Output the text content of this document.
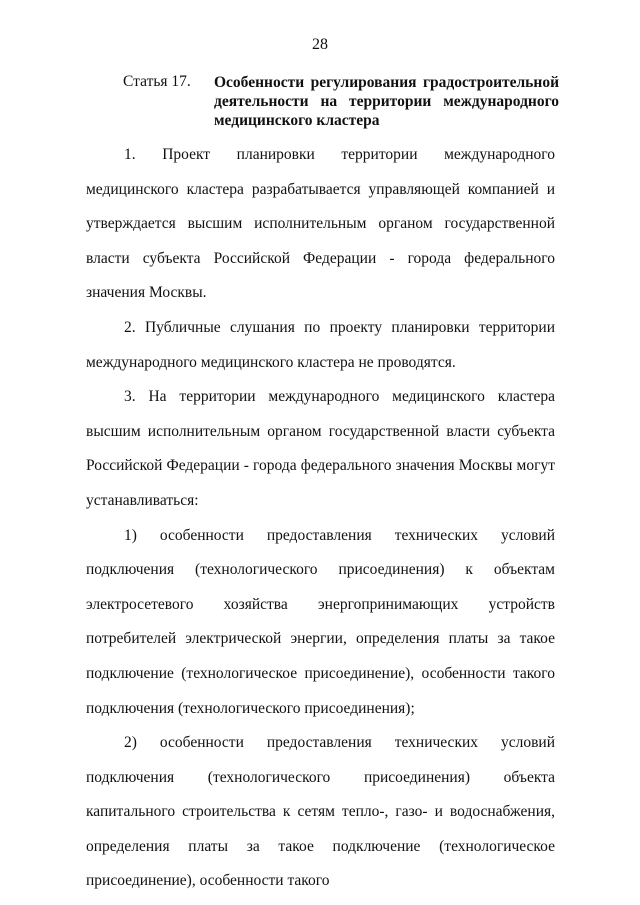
28
Статья 17. Особенности регулирования градостроительной деятельности на территории международного медицинского кластера

1. Проект планировки территории международного медицинского кластера разрабатывается управляющей компанией и утверждается высшим исполнительным органом государственной власти субъекта Российской Федерации - города федерального значения Москвы.

2. Публичные слушания по проекту планировки территории международного медицинского кластера не проводятся.

3. На территории международного медицинского кластера высшим исполнительным органом государственной власти субъекта Российской Федерации - города федерального значения Москвы могут устанавливаться:

1) особенности предоставления технических условий подключения (технологического присоединения) к объектам электросетевого хозяйства энергопринимающих устройств потребителей электрической энергии, определения платы за такое подключение (технологическое присоединение), особенности такого подключения (технологического присоединения);

2) особенности предоставления технических условий подключения (технологического присоединения) объекта капитального строительства к сетям тепло-, газо- и водоснабжения, определения платы за такое подключение (технологическое присоединение), особенности такого
